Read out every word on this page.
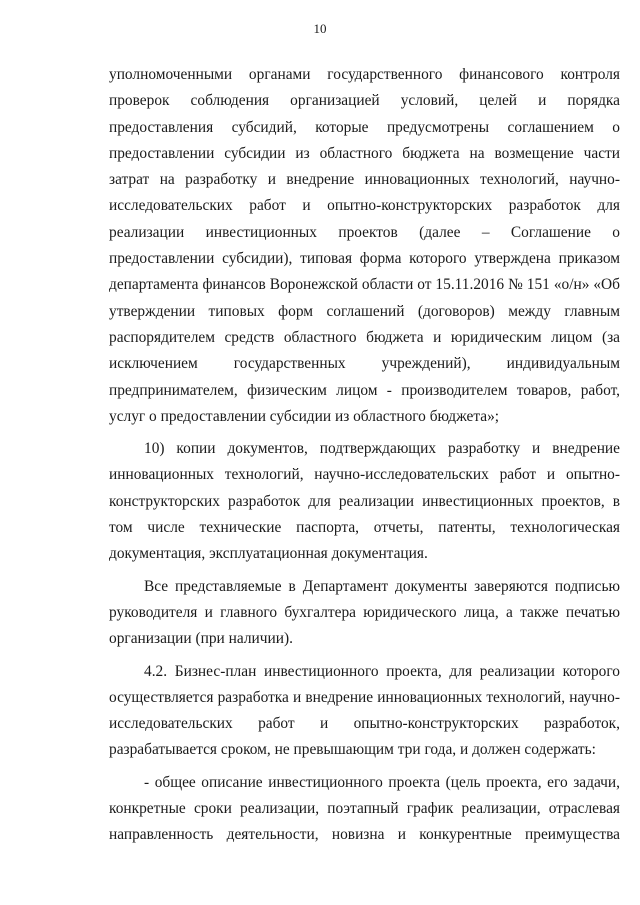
10
уполномоченными органами государственного финансового контроля
проверок соблюдения организацией условий, целей и порядка
предоставления субсидий, которые предусмотрены соглашением о
предоставлении субсидии из областного бюджета на возмещение части
затрат на разработку и внедрение инновационных технологий, научно-
исследовательских работ и опытно-конструкторских разработок для
реализации инвестиционных проектов (далее – Соглашение о
предоставлении субсидии), типовая форма которого утверждена приказом
департамента финансов Воронежской области от 15.11.2016 № 151 «о/н» «Об
утверждении типовых форм соглашений (договоров) между главным
распорядителем средств областного бюджета и юридическим лицом (за
исключением государственных учреждений), индивидуальным
предпринимателем, физическим лицом - производителем товаров, работ,
услуг о предоставлении субсидии из областного бюджета»;
10) копии документов, подтверждающих разработку и внедрение
инновационных технологий, научно-исследовательских работ и опытно-
конструкторских разработок для реализации инвестиционных проектов, в
том числе технические паспорта, отчеты, патенты, технологическая
документация, эксплуатационная документация.
Все представляемые в Департамент документы заверяются подписью
руководителя и главного бухгалтера юридического лица, а также печатью
организации (при наличии).
4.2. Бизнес-план инвестиционного проекта, для реализации которого
осуществляется разработка и внедрение инновационных технологий, научно-
исследовательских работ и опытно-конструкторских разработок,
разрабатывается сроком, не превышающим три года, и должен содержать:
- общее описание инвестиционного проекта (цель проекта, его задачи,
конкретные сроки реализации, поэтапный график реализации, отраслевая
направленность деятельности, новизна и конкурентные преимущества
